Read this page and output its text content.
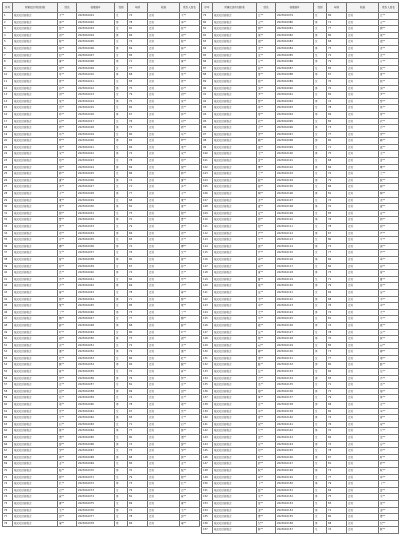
序号	所属社区/村(居)委	姓名	档案编号	性别	年龄	标准	联系人姓名
1	城北社区居委会	王**	2023010001	女	72	农村	王**
2	城北社区居委会	李**	2023010002	男	78	农村	李**
3	城北社区居委会	张**	2023010003	女	81	农村	张**
4	城北社区居委会	刘**	2023010004	男	66	农村	刘**
5	城北社区居委会	陈**	2023010005	女	74	农村	陈**
6	城北社区居委会	杨**	2023010006	男	69	农村	杨**
7	城北社区居委会	赵**	2023010007	女	85	农村	赵**
8	城北社区居委会	黄**	2023010008	男	71	农村	黄**
9	城北社区居委会	周**	2023010009	女	77	农村	周**
10	城北社区居委会	吴**	2023010010	男	68	农村	吴**
11	城北社区居委会	徐**	2023010011	女	83	农村	徐**
12	城北社区居委会	孙**	2023010012	男	75	农村	孙**
13	城北社区居委会	胡**	2023010013	女	79	农村	胡**
14	城北社区居委会	朱**	2023010014	男	70	农村	朱**
15	城北社区居委会	高**	2023010015	女	82	农村	高**
16	城北社区居委会	林**	2023010016	男	67	农村	林**
17	城北社区居委会	何**	2023010017	女	76	农村	何**
18	城北社区居委会	郭**	2023010018	男	73	农村	郭**
19	城北社区居委会	马**	2023010019	女	80	农村	马**
20	城北社区居委会	罗**	2023010020	男	65	农村	罗**
21	城北社区居委会	梁**	2023010021	女	84	农村	梁**
22	城北社区居委会	宋**	2023010022	男	72	农村	宋**
23	城北社区居委会	郑**	2023010023	女	78	农村	郑**
24	城北社区居委会	谢**	2023010024	男	69	农村	谢**
25	城北社区居委会	韩**	2023010025	女	86	农村	韩**
26	城北社区居委会	唐**	2023010026	男	74	农村	唐**
27	城北社区居委会	冯**	2023010027	女	71	农村	冯**
28	城北社区居委会	于**	2023010028	男	77	农村	于**
29	城北社区居委会	董**	2023010029	女	68	农村	董**
30	城北社区居委会	萧**	2023010030	男	81	农村	萧**
31	城北社区居委会	程**	2023010031	女	75	农村	程**
32	城北社区居委会	曹**	2023010032	男	70	农村	曹**
33	城北社区居委会	袁**	2023010033	女	79	农村	袁**
34	城北社区居委会	邓**	2023010034	男	66	农村	邓**
35	城北社区居委会	许**	2023010035	女	83	农村	许**
36	城北社区居委会	傅**	2023010036	男	72	农村	傅**
37	城北社区居委会	沈**	2023010037	女	76	农村	沈**
38	城北社区居委会	曾**	2023010038	男	80	农村	曾**
39	城北社区居委会	彭**	2023010039	女	67	农村	彭**
40	城北社区居委会	吕**	2023010040	男	74	农村	吕**
41	城北社区居委会	苏**	2023010041	女	82	农村	苏**
42	城北社区居委会	卢**	2023010042	男	69	农村	卢**
43	城北社区居委会	蒋**	2023010043	女	78	农村	蒋**
44	城北社区居委会	蔡**	2023010044	男	71	农村	蔡**
45	城北社区居委会	贾**	2023010045	女	85	农村	贾**
46	城北社区居委会	丁**	2023010046	男	73	农村	丁**
47	城北社区居委会	魏**	2023010047	女	77	农村	魏**
48	城北社区居委会	薛**	2023010048	男	68	农村	薛**
49	城北社区居委会	叶**	2023010049	女	80	农村	叶**
50	城北社区居委会	阎**	2023010050	男	75	农村	阎**
51	城北社区居委会	余**	2023010051	女	72	农村	余**
52	城北社区居委会	潘**	2023010052	男	79	农村	潘**
53	城北社区居委会	杜**	2023010053	女	66	农村	杜**
54	城北社区居委会	戴**	2023010054	男	84	农村	戴**
55	城北社区居委会	夏**	2023010055	女	70	农村	夏**
56	城北社区居委会	钟**	2023010056	男	76	农村	钟**
57	城北社区居委会	汪**	2023010057	女	81	农村	汪**
58	城北社区居委会	田**	2023010058	男	69	农村	田**
59	城北社区居委会	任**	2023010059	女	74	农村	任**
60	城北社区居委会	姜**	2023010060	男	78	农村	姜**
61	城北社区居委会	范**	2023010061	女	67	农村	范**
62	城北社区居委会	方**	2023010062	男	83	农村	方**
63	城北社区居委会	石**	2023010063	女	71	农村	石**
64	城北社区居委会	姚**	2023010064	男	77	农村	姚**
65	城北社区居委会	谭**	2023010065	女	80	农村	谭**
66	城北社区居委会	廖**	2023010066	男	72	农村	廖**
67	城北社区居委会	邹**	2023010067	女	75	农村	邹**
68	城北社区居委会	熊**	2023010068	男	68	农村	熊**
69	城北社区居委会	金**	2023010069	女	82	农村	金**
70	城北社区居委会	陆**	2023010070	男	70	农村	陆**
71	城北社区居委会	郝**	2023010071	女	79	农村	郝**
72	城北社区居委会	孔**	2023010072	男	73	农村	孔**
73	城北社区居委会	白**	2023010073	女	76	农村	白**
74	城北社区居委会	崔**	2023010074	男	81	农村	崔**
75	城北社区居委会	康**	2023010075	女	69	农村	康**
76	城北社区居委会	毛**	2023010076	男	74	农村	毛**
77	城北社区居委会	邱**	2023010077	女	78	农村	邱**
78	城北社区居委会	秦**	2023010078	男	66	农村	秦**
序号	所属社区/村(居)委	姓名	档案编号	性别	年龄	标准	联系人姓名
79	城北社区居委会	江**	2023010079	女	84	农村	江**
80	城北社区居委会	史**	2023010080	男	71	农村	史**
81	城北社区居委会	顾**	2023010081	女	77	农村	顾**
82	城北社区居委会	侯**	2023010082	男	80	农村	侯**
83	城北社区居委会	邵**	2023010083	女	68	农村	邵**
84	城北社区居委会	孟**	2023010084	男	75	农村	孟**
85	城北社区居委会	龙**	2023010085	女	72	农村	龙**
86	城北社区居委会	万**	2023010086	男	79	农村	万**
87	城北社区居委会	段**	2023010087	女	83	农村	段**
88	城北社区居委会	雷**	2023010088	男	67	农村	雷**
89	城北社区居委会	钱**	2023010089	女	76	农村	钱**
90	城北社区居委会	汤**	2023010090	男	70	农村	汤**
91	城北社区居委会	尹**	2023010091	女	82	农村	尹**
92	城北社区居委会	黎**	2023010092	男	74	农村	黎**
93	城北社区居委会	易**	2023010093	女	78	农村	易**
94	城北社区居委会	常**	2023010094	男	69	农村	常**
95	城北社区居委会	武**	2023010095	女	85	农村	武**
96	城北社区居委会	乔**	2023010096	男	73	农村	乔**
97	城北社区居委会	贺**	2023010097	女	77	农村	贺**
98	城北社区居委会	赖**	2023010098	男	80	农村	赖**
99	城北社区居委会	龚**	2023010099	女	71	农村	龚**
100	城北社区居委会	文**	2023010100	男	75	农村	文**
101	城北社区居委会	庞**	2023010101	女	68	农村	庞**
102	城北社区居委会	樊**	2023010102	男	84	农村	樊**
103	城北社区居委会	兰**	2023010103	女	72	农村	兰**
104	城北社区居委会	殷**	2023010104	男	79	农村	殷**
105	城北社区居委会	施**	2023010105	女	66	农村	施**
106	城北社区居委会	陶**	2023010106	男	81	农村	陶**
107	城北社区居委会	洪**	2023010107	女	74	农村	洪**
108	城北社区居委会	翟**	2023010108	男	70	农村	翟**
109	城北社区居委会	安**	2023010109	女	83	农村	安**
110	城北社区居委会	颜**	2023010110	男	76	农村	颜**
111	城北社区居委会	倪**	2023010111	女	78	农村	倪**
112	城北社区居委会	严**	2023010112	男	67	农村	严**
113	城北社区居委会	牛**	2023010113	女	80	农村	牛**
114	城北社区居委会	温**	2023010114	男	73	农村	温**
115	城北社区居委会	芦**	2023010115	女	77	农村	芦**
116	城北社区居委会	季**	2023010116	男	69	农村	季**
117	城北社区居委会	俞**	2023010117	女	82	农村	俞**
118	城北社区居委会	章**	2023010118	男	75	农村	章**
119	城北社区居委会	鲁**	2023010119	女	71	农村	鲁**
120	城北社区居委会	葛**	2023010120	男	79	农村	葛**
121	城北社区居委会	伍**	2023010121	女	84	农村	伍**
122	城北社区居委会	韦**	2023010122	男	68	农村	韦**
123	城北社区居委会	申**	2023010123	女	76	农村	申**
124	城北社区居委会	尤**	2023010124	男	72	农村	尤**
125	城北社区居委会	毕**	2023010125	女	81	农村	毕**
126	城北社区居委会	聂**	2023010126	男	74	农村	聂**
127	城北社区居委会	丛**	2023010127	女	78	农村	丛**
128	城北社区居委会	焦**	2023010128	男	70	农村	焦**
129	城北社区居委会	向**	2023010129	女	85	农村	向**
130	城北社区居委会	柳**	2023010130	男	73	农村	柳**
131	城北社区居委会	邢**	2023010131	女	77	农村	邢**
132	城北社区居委会	路**	2023010132	男	80	农村	路**
133	城北社区居委会	岳**	2023010133	女	66	农村	岳**
134	城北社区居委会	齐**	2023010134	男	83	农村	齐**
135	城北社区居委会	沿**	2023010135	女	71	农村	沿**
136	城北社区居委会	梅**	2023010136	男	75	农村	梅**
137	城北社区居委会	莫**	2023010137	女	79	农村	莫**
138	城北社区居委会	庄**	2023010138	男	68	农村	庄**
139	城北社区居委会	辛**	2023010139	女	82	农村	辛**
140	城北社区居委会	管**	2023010140	男	74	农村	管**
141	城北社区居委会	祝**	2023010141	女	76	农村	祝**
142	城北社区居委会	左**	2023010142	男	70	农村	左**
143	城北社区居委会	涂**	2023010143	女	84	农村	涂**
144	城北社区居委会	谷**	2023010144	男	72	农村	谷**
145	城北社区居委会	祁**	2023010145	女	78	农村	祁**
146	城北社区居委会	时**	2023010146	男	67	农村	时**
147	城北社区居委会	舒**	2023010147	女	81	农村	舒**
148	城北社区居委会	耿**	2023010148	男	73	农村	耿**
149	城北社区居委会	牟**	2023010149	女	77	农村	牟**
150	城北社区居委会	卜**	2023010150	男	79	农村	卜**
151	城北社区居委会	詹**	2023010151	女	69	农村	詹**
152	城北社区居委会	关**	2023010152	男	75	农村	关**
153	城北社区居委会	苗**	2023010153	女	83	农村	苗**
154	城北社区居委会	凌**	2023010154	男	71	农村	凌**
155	城北社区居委会	费**	2023010155	女	80	农村	费**
156	城北社区居委会	纪**	2023010156	男	68	农村	纪**
157	城北社区居委会	靳**	2023010157	女	74	农村	靳**
